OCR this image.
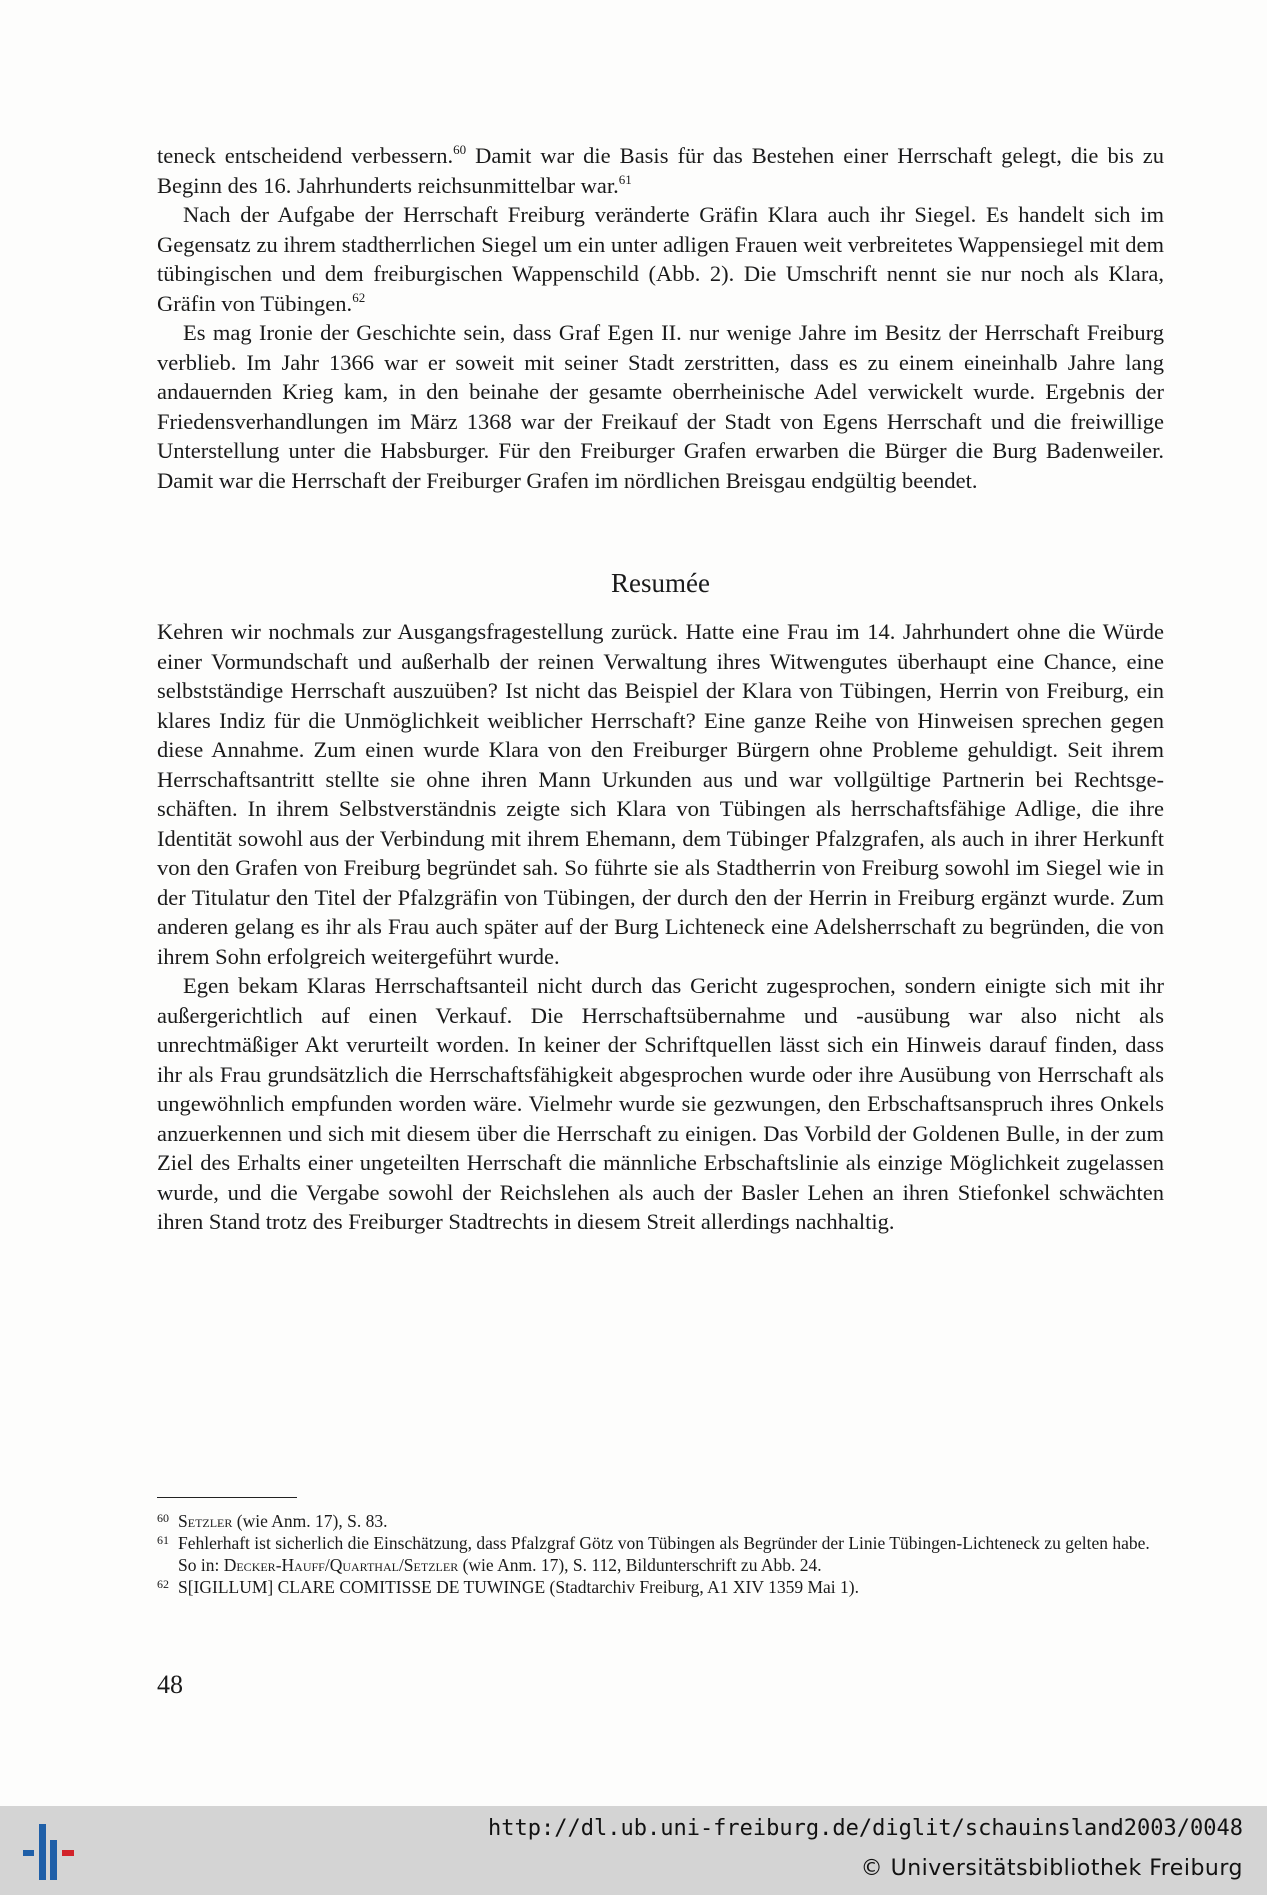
teneck entscheidend verbessern.$^{60}$ Damit war die Basis für das Bestehen einer Herrschaft gelegt, die bis zu Beginn des 16. Jahrhunderts reichsunmittelbar war.$^{61}$

Nach der Aufgabe der Herrschaft Freiburg veränderte Gräfin Klara auch ihr Siegel. Es handelt sich im Gegensatz zu ihrem stadtherrlichen Siegel um ein unter adligen Frauen weit verbreitetes Wappensiegel mit dem tübingischen und dem freiburgischen Wappenschild (Abb. 2). Die Umschrift nennt sie nur noch als Klara, Gräfin von Tübingen.$^{62}$

Es mag Ironie der Geschichte sein, dass Graf Egen II. nur wenige Jahre im Besitz der Herrschaft Freiburg verblieb. Im Jahr 1366 war er soweit mit seiner Stadt zerstritten, dass es zu einem eineinhalb Jahre lang andauernden Krieg kam, in den beinahe der gesamte oberrheinische Adel verwickelt wurde. Ergebnis der Friedensverhandlungen im März 1368 war der Freikauf der Stadt von Egens Herrschaft und die freiwillige Unterstellung unter die Habsburger. Für den Freiburger Grafen erwarben die Bürger die Burg Badenweiler. Damit war die Herrschaft der Freiburger Grafen im nördlichen Breisgau endgültig beendet.

Resumée

Kehren wir nochmals zur Ausgangsfragestellung zurück. Hatte eine Frau im 14. Jahrhundert ohne die Würde einer Vormundschaft und außerhalb der reinen Verwaltung ihres Witwengutes überhaupt eine Chance, eine selbstständige Herrschaft auszuüben? Ist nicht das Beispiel der Klara von Tübingen, Herrin von Freiburg, ein klares Indiz für die Unmöglichkeit weiblicher Herrschaft? Eine ganze Reihe von Hinweisen sprechen gegen diese Annahme. Zum einen wurde Klara von den Freiburger Bürgern ohne Probleme gehuldigt. Seit ihrem Herrschaftsantritt stellte sie ohne ihren Mann Urkunden aus und war vollgültige Partnerin bei Rechtsgeschäften. In ihrem Selbstverständnis zeigte sich Klara von Tübingen als herrschaftsfähige Adlige, die ihre Identität sowohl aus der Verbindung mit ihrem Ehemann, dem Tübinger Pfalzgrafen, als auch in ihrer Herkunft von den Grafen von Freiburg begründet sah. So führte sie als Stadtherrin von Freiburg sowohl im Siegel wie in der Titulatur den Titel der Pfalzgräfin von Tübingen, der durch den der Herrin in Freiburg ergänzt wurde. Zum anderen gelang es ihr als Frau auch später auf der Burg Lichteneck eine Adelsherrschaft zu begründen, die von ihrem Sohn erfolgreich weitergeführt wurde.

Egen bekam Klaras Herrschaftsanteil nicht durch das Gericht zugesprochen, sondern einigte sich mit ihr außergerichtlich auf einen Verkauf. Die Herrschaftsübernahme und -ausübung war also nicht als unrechtmäßiger Akt verurteilt worden. In keiner der Schriftquellen lässt sich ein Hinweis darauf finden, dass ihr als Frau grundsätzlich die Herrschaftsfähigkeit abgesprochen wurde oder ihre Ausübung von Herrschaft als ungewöhnlich empfunden worden wäre. Vielmehr wurde sie gezwungen, den Erbschaftsanspruch ihres Onkels anzuerkennen und sich mit diesem über die Herrschaft zu einigen. Das Vorbild der Goldenen Bulle, in der zum Ziel des Erhalts einer ungeteilten Herrschaft die männliche Erbschaftslinie als einzige Möglichkeit zugelassen wurde, und die Vergabe sowohl der Reichslehen als auch der Basler Lehen an ihren Stiefonkel schwächten ihren Stand trotz des Freiburger Stadtrechts in diesem Streit allerdings nachhaltig.

60 Setzler (wie Anm. 17), S. 83.

61 Fehlerhaft ist sicherlich die Einschätzung, dass Pfalzgraf Götz von Tübingen als Begründer der Linie Tübingen-Lichteneck zu gelten habe. So in: Decker-Hauff/Quarthal/Setzler (wie Anm. 17), S. 112, Bildunterschrift zu Abb. 24.

62 S[IGILLUM] CLARE COMITISSE DE TUWINGE (Stadtarchiv Freiburg, A1 XIV 1359 Mai 1).

48
http://dl.ub.uni-freiburg.de/diglit/schauinsland2003/0048
© Universitätsbibliothek Freiburg
